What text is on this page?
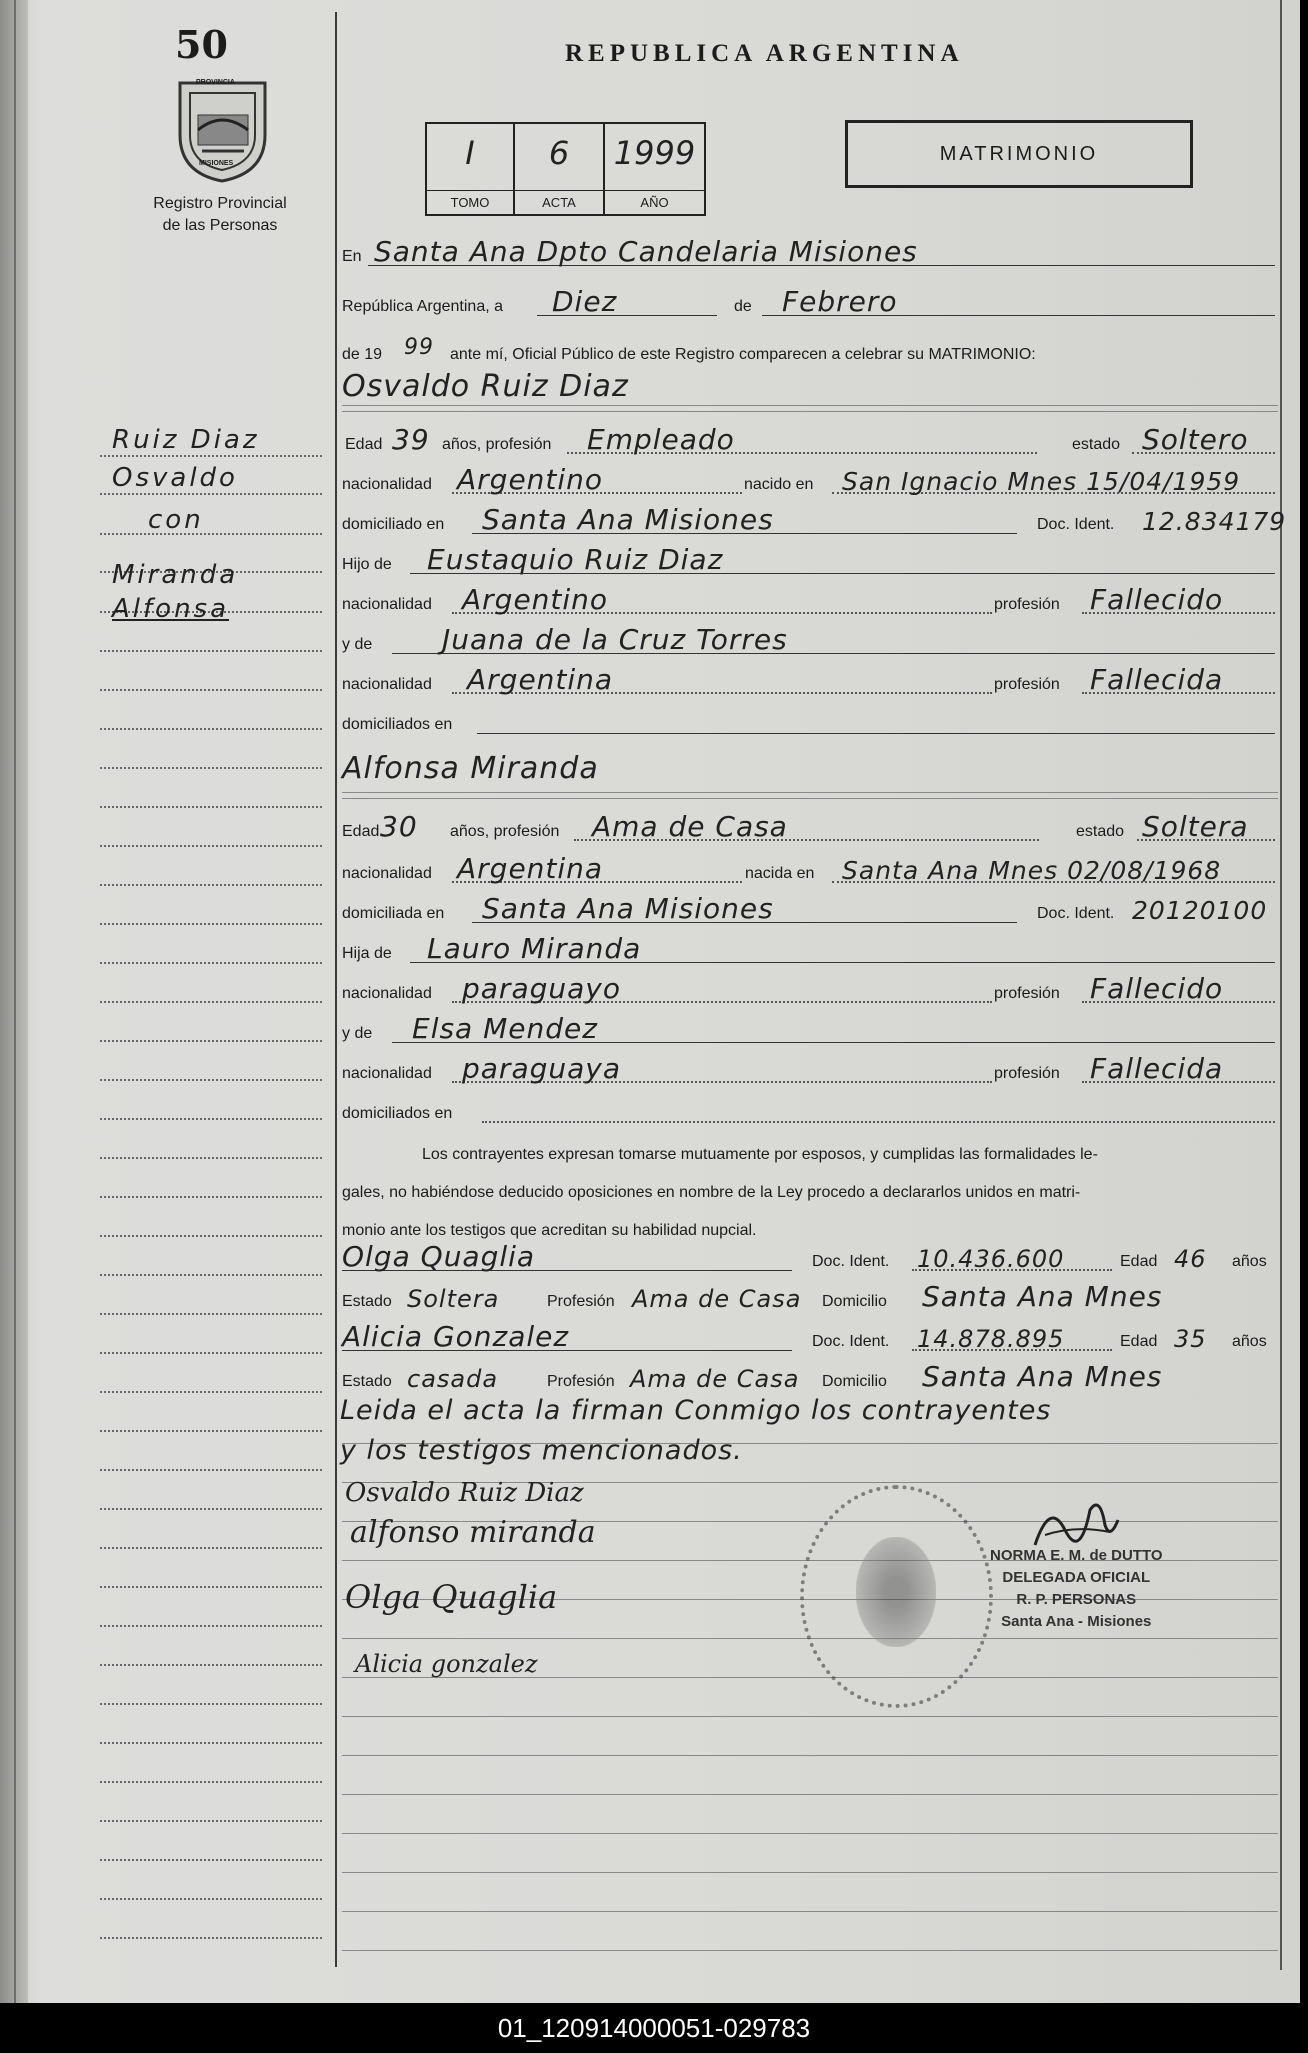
50
PROVINCIA
MISIONES
Registro Provincial
de las Personas
REPUBLICA ARGENTINA
I
TOMO
6
ACTA
1999
AÑO
MATRIMONIO
Ruiz Diaz
Osvaldo
con
Miranda
Alfonsa
En Santa Ana Dpto Candelaria Misiones
República Argentina, a Diez	de Febrero
de 19 99 ante mí, Oficial Público de este Registro comparecen a celebrar su MATRIMONIO:
Osvaldo Ruiz Diaz
Edad 39 años, profesión Empleado	estado Soltero
nacionalidad Argentino	nacido en San Ignacio Mnes 15/04/1959
domiciliado en Santa Ana Misiones	Doc. Ident. 12.834179
Hijo de Eustaquio Ruiz Diaz
nacionalidad Argentino	profesión Fallecido
y de Juana de la Cruz Torres
nacionalidad Argentina	profesión Fallecida
domiciliados en
Alfonsa Miranda
Edad 30 años, profesión Ama de Casa	estado Soltera
nacionalidad Argentina	nacida en Santa Ana Mnes 02/08/1968
domiciliada en Santa Ana Misiones	Doc. Ident. 20120100
Hija de Lauro Miranda
nacionalidad paraguayo	profesión Fallecido
y de Elsa Mendez
nacionalidad paraguaya	profesión Fallecida
domiciliados en
Los contrayentes expresan tomarse mutuamente por esposos, y cumplidas las formalidades le-
gales, no habiéndose deducido oposiciones en nombre de la Ley procedo a declararlos unidos en matri-
monio ante los testigos que acreditan su habilidad nupcial.
Olga Quaglia	Doc. Ident. 10.436.600	Edad 46 años
Estado Soltera	Profesión Ama de Casa Domicilio Santa Ana Mnes
Alicia Gonzalez	Doc. Ident. 14.878.895	Edad 35 años
Estado casada	Profesión Ama de Casa Domicilio Santa Ana Mnes
Leida el acta la firman Conmigo los contrayentes
y los testigos mencionados.
Osvaldo Ruiz Diaz
alfonso miranda
Olga Quaglia
Alicia gonzalez
NORMA E. M. de DUTTO
DELEGADA OFICIAL
R. P. PERSONAS
Santa Ana - Misiones
01_120914000051-029783
